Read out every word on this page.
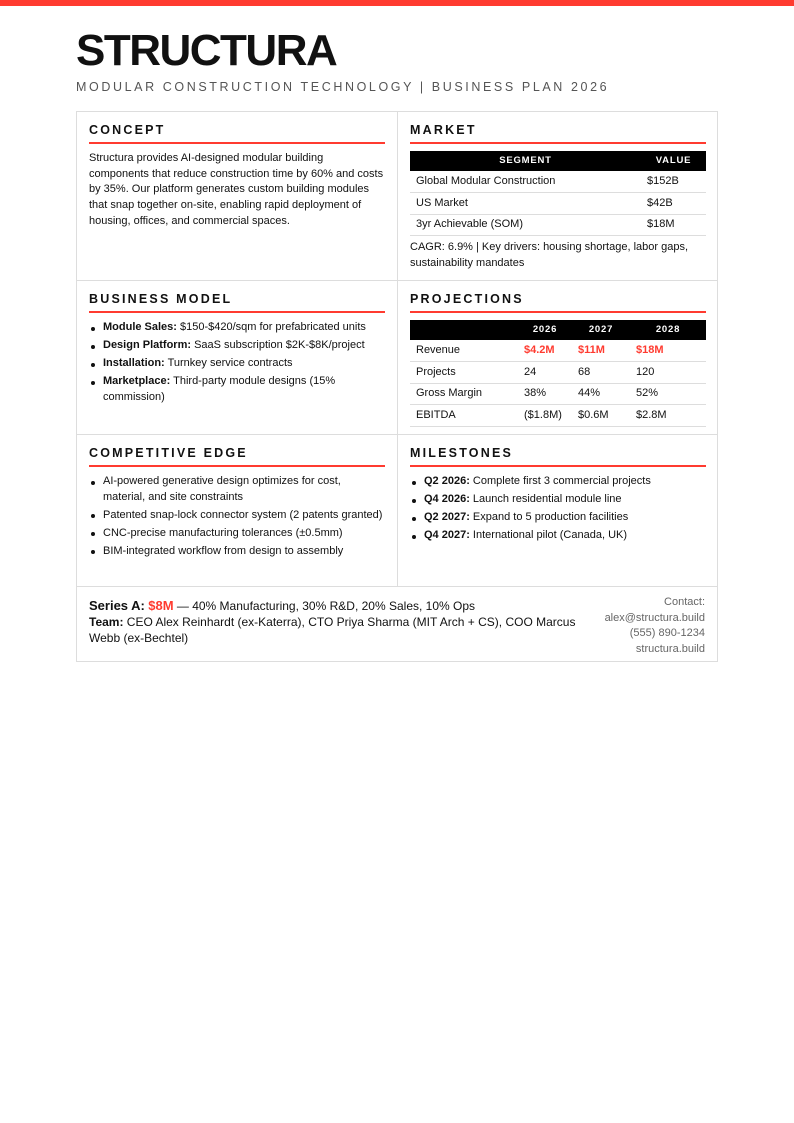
STRUCTURA
MODULAR CONSTRUCTION TECHNOLOGY | BUSINESS PLAN 2026
CONCEPT

Structura provides AI-designed modular building components that reduce construction time by 60% and costs by 35%. Our platform generates custom building modules that snap together on-site, enabling rapid deployment of housing, offices, and commercial spaces.

MARKET
SEGMENT	VALUE
Global Modular Construction	$152B
US Market	$42B
3yr Achievable (SOM)	$18M

CAGR: 6.9% | Key drivers: housing shortage, labor gaps, sustainability mandates

BUSINESS MODEL
Module Sales: $150-$420/sqm for prefabricated units
Design Platform: SaaS subscription $2K-$8K/project
Installation: Turnkey service contracts
Marketplace: Third-party module designs (15% commission)
PROJECTIONS
	2026	2027	2028
Revenue	$4.2M	$11M	$18M
Projects	24	68	120
Gross Margin	38%	44%	52%
EBITDA	($1.8M)	$0.6M	$2.8M
COMPETITIVE EDGE
AI-powered generative design optimizes for cost, material, and site constraints
Patented snap-lock connector system (2 patents granted)
CNC-precise manufacturing tolerances (±0.5mm)
BIM-integrated workflow from design to assembly
MILESTONES
Q2 2026: Complete first 3 commercial projects
Q4 2026: Launch residential module line
Q2 2027: Expand to 5 production facilities
Q4 2027: International pilot (Canada, UK)
Series A: $8M — 40% Manufacturing, 30% R&D, 20% Sales, 10% Ops
Team: CEO Alex Reinhardt (ex-Katerra), CTO Priya Sharma (MIT Arch + CS), COO Marcus Webb (ex-Bechtel)
Contact:
alex@structura.build
(555) 890-1234
structura.build
